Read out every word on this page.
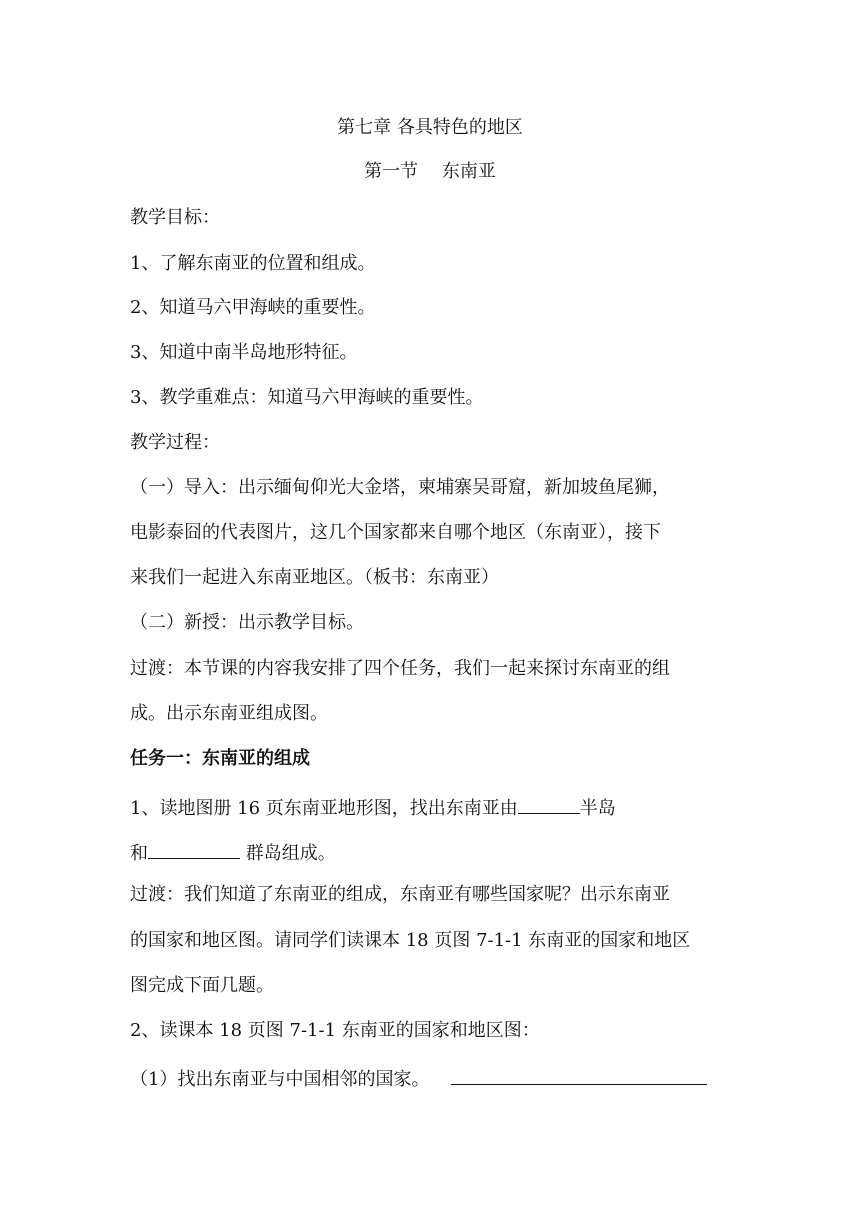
第七章 各具特色的地区
第一节　 东南亚
教学目标：
1、了解东南亚的位置和组成。
2、知道马六甲海峡的重要性。
3、知道中南半岛地形特征。
3、教学重难点：知道马六甲海峡的重要性。
教学过程：
（一）导入：出示缅甸仰光大金塔，柬埔寨吴哥窟，新加坡鱼尾狮，
电影泰囧的代表图片，这几个国家都来自哪个地区（东南亚），接下
来我们一起进入东南亚地区。（板书：东南亚）
（二）新授：出示教学目标。
过渡：本节课的内容我安排了四个任务，我们一起来探讨东南亚的组
成。出示东南亚组成图。
任务一：东南亚的组成
1、读地图册 16 页东南亚地形图，找出东南亚由	半岛
和	群岛组成。
过渡：我们知道了东南亚的组成，东南亚有哪些国家呢？出示东南亚
的国家和地区图。请同学们读课本 18 页图 7-1-1 东南亚的国家和地区
图完成下面几题。
2、读课本 18 页图 7-1-1 东南亚的国家和地区图：
（1）找出东南亚与中国相邻的国家。
